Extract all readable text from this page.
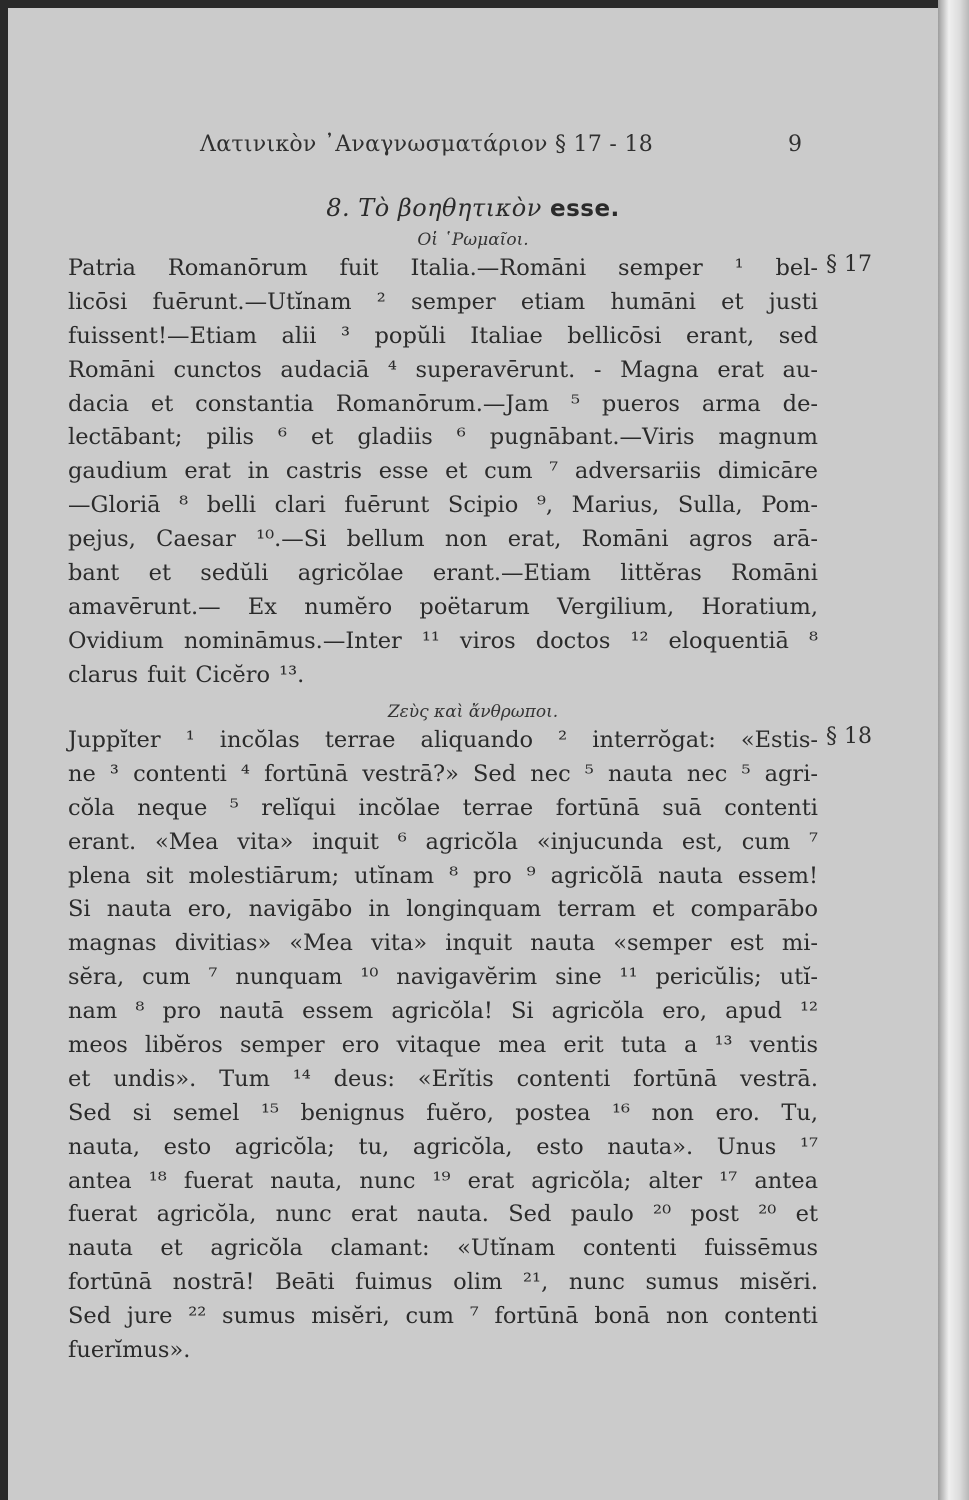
Λατινικὸν ᾿Αναγνωσματάριον § 17 - 18	9
8. Τὸ βοηθητικὸν esse.
Οἱ ῾Ρωμαῖοι.
§ 17
Patria Romanōrum fuit Italia.—Romāni semper ¹ bel-
licōsi fuērunt.—Utĭnam ² semper etiam humāni et justi
fuissent!—Etiam alii ³ popŭli Italiae bellicōsi erant, sed
Romāni cunctos audaciā ⁴ superavērunt. - Magna erat au-
dacia et constantia Romanōrum.—Jam ⁵ pueros arma de-
lectābant; pilis ⁶ et gladiis ⁶ pugnābant.—Viris magnum
gaudium erat in castris esse et cum ⁷ adversariis dimicāre
—Gloriā ⁸ belli clari fuērunt Scipio ⁹, Marius, Sulla, Pom-
pejus, Caesar ¹⁰.—Si bellum non erat, Romāni agros arā-
bant et sedŭli agricŏlae erant.—Etiam littĕras Romāni
amavērunt.— Ex numĕro poëtarum Vergilium, Horatium,
Ovidium nomināmus.—Inter ¹¹ viros doctos ¹² eloquentiā ⁸
clarus fuit Cicĕro ¹³.
Ζεὺς καὶ ἄνθρωποι.
§ 18
Juppĭter ¹ incŏlas terrae aliquando ² interrŏgat: «Estis-
ne ³ contenti ⁴ fortūnā vestrā?» Sed nec ⁵ nauta nec ⁵ agri-
cŏla neque ⁵ relĭqui incŏlae terrae fortūnā suā contenti
erant. «Mea vita» inquit ⁶ agricŏla «injucunda est, cum ⁷
plena sit molestiārum; utĭnam ⁸ pro ⁹ agricŏlā nauta essem!
Si nauta ero, navigābo in longinquam terram et comparābo
magnas divitias» «Mea vita» inquit nauta «semper est mi-
sĕra, cum ⁷ nunquam ¹⁰ navigavĕrim sine ¹¹ pericŭlis; utĭ-
nam ⁸ pro nautā essem agricŏla! Si agricŏla ero, apud ¹²
meos libĕros semper ero vitaque mea erit tuta a ¹³ ventis
et undis». Tum ¹⁴ deus: «Erĭtis contenti fortūnā vestrā.
Sed si semel ¹⁵ benignus fuĕro, postea ¹⁶ non ero. Tu,
nauta, esto agricŏla; tu, agricŏla, esto nauta». Unus ¹⁷
antea ¹⁸ fuerat nauta, nunc ¹⁹ erat agricŏla; alter ¹⁷ antea
fuerat agricŏla, nunc erat nauta. Sed paulo ²⁰ post ²⁰ et
nauta et agricŏla clamant: «Utĭnam contenti fuissēmus
fortūnā nostrā! Beāti fuimus olim ²¹, nunc sumus misĕri.
Sed jure ²² sumus misĕri, cum ⁷ fortūnā bonā non contenti
fuerĭmus».
